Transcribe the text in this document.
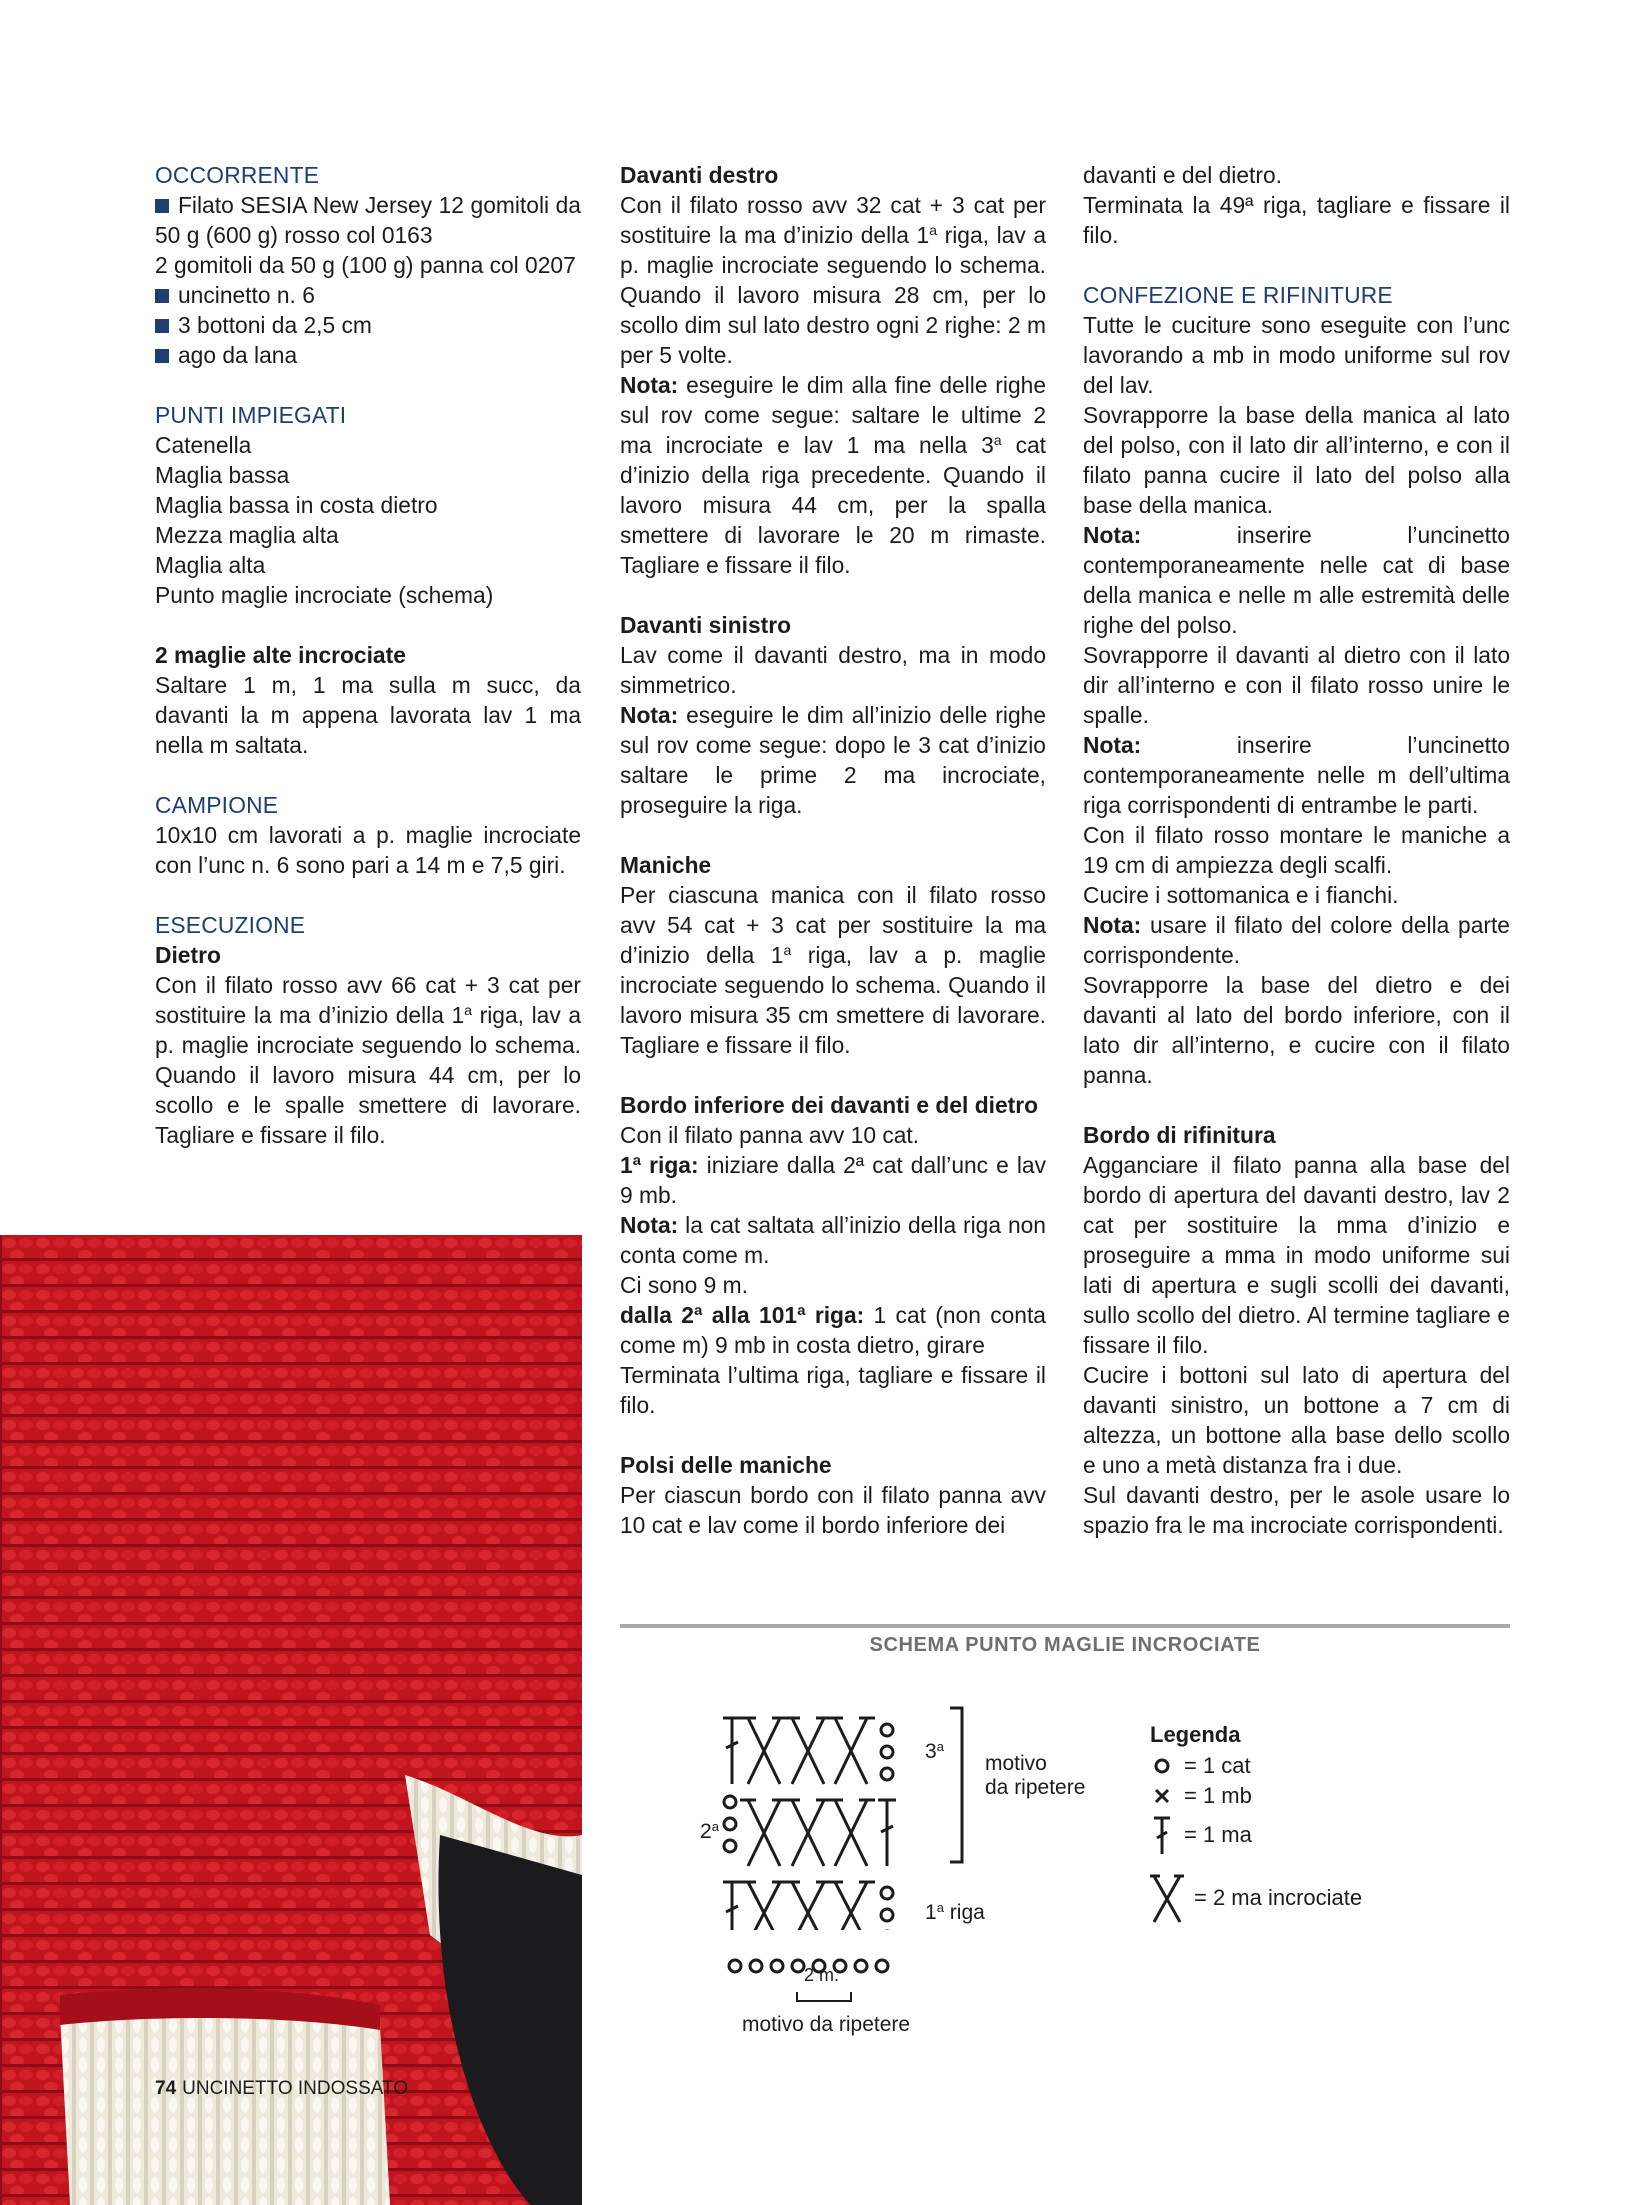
OCCORRENTE

Filato SESIA New Jersey 12 gomitoli da 50 g (600 g) rosso col 0163

2 gomitoli da 50 g (100 g) panna col 0207

uncinetto n. 6

3 bottoni da 2,5 cm

ago da lana

PUNTI IMPIEGATI

Catenella

Maglia bassa

Maglia bassa in costa dietro

Mezza maglia alta

Maglia alta

Punto maglie incrociate (schema)

2 maglie alte incrociate

Saltare 1 m, 1 ma sulla m succ, da davanti la m appena lavorata lav 1 ma nella m saltata.

CAMPIONE

10x10 cm lavorati a p. maglie incrociate con l’unc n. 6 sono pari a 14 m e 7,5 giri.

ESECUZIONE

Dietro

Con il filato rosso avv 66 cat + 3 cat per sostituire la ma d’inizio della 1$^a$ riga, lav a p. maglie incrociate seguendo lo schema. Quando il lavoro misura 44 cm, per lo scollo e le spalle smettere di lavorare. Tagliare e fissare il filo.

Davanti destro

Con il filato rosso avv 32 cat + 3 cat per sostituire la ma d’inizio della 1$^a$ riga, lav a p. maglie incrociate seguendo lo schema. Quando il lavoro misura 28 cm, per lo scollo dim sul lato destro ogni 2 righe: 2 m per 5 volte.

Nota: eseguire le dim alla fine delle righe sul rov come segue: saltare le ultime 2 ma incrociate e lav 1 ma nella 3$^a$ cat d’inizio della riga precedente. Quando il lavoro misura 44 cm, per la spalla smettere di lavorare le 20 m rimaste. Tagliare e fissare il filo.

Davanti sinistro

Lav come il davanti destro, ma in modo simmetrico.

Nota: eseguire le dim all’inizio delle righe sul rov come segue: dopo le 3 cat d’inizio saltare le prime 2 ma incrociate, proseguire la riga.

Maniche

Per ciascuna manica con il filato rosso avv 54 cat + 3 cat per sostituire la ma d’inizio della 1$^a$ riga, lav a p. maglie incrociate seguendo lo schema. Quando il lavoro misura 35 cm smettere di lavorare. Tagliare e fissare il filo.

Bordo inferiore dei davanti e del dietro

Con il filato panna avv 10 cat.

1ª riga: iniziare dalla 2ª cat dall’unc e lav 9 mb.

Nota: la cat saltata all’inizio della riga non conta come m.

Ci sono 9 m.

dalla 2ª alla 101ª riga: 1 cat (non conta come m) 9 mb in costa dietro, girare

Terminata l’ultima riga, tagliare e fissare il filo.

Polsi delle maniche

Per ciascun bordo con il filato panna avv 10 cat e lav come il bordo inferiore dei

davanti e del dietro.

Terminata la 49ª riga, tagliare e fissare il filo.

CONFEZIONE E RIFINITURE

Tutte le cuciture sono eseguite con l’unc lavorando a mb in modo uniforme sul rov del lav.

Sovrapporre la base della manica al lato del polso, con il lato dir all’interno, e con il filato panna cucire il lato del polso alla base della manica.

Nota: inserire l’uncinetto contemporaneamente nelle cat di base della manica e nelle m alle estremità delle righe del polso.

Sovrapporre il davanti al dietro con il lato dir all’interno e con il filato rosso unire le spalle.

Nota: inserire l’uncinetto contemporaneamente nelle m dell’ultima riga corrispondenti di entrambe le parti.

Con il filato rosso montare le maniche a 19 cm di ampiezza degli scalfi.

Cucire i sottomanica e i fianchi.

Nota: usare il filato del colore della parte corrispondente.

Sovrapporre la base del dietro e dei davanti al lato del bordo inferiore, con il lato dir all’interno, e cucire con il filato panna.

Bordo di rifinitura

Agganciare il filato panna alla base del bordo di apertura del davanti destro, lav 2 cat per sostituire la mma d’inizio e proseguire a mma in modo uniforme sui lati di apertura e sugli scolli dei davanti, sullo scollo del dietro. Al termine tagliare e fissare il filo.

Cucire i bottoni sul lato di apertura del davanti sinistro, un bottone a 7 cm di altezza, un bottone alla base dello scollo e uno a metà distanza fra i due.

Sul davanti destro, per le asole usare lo spazio fra le ma incrociate corrispondenti.

74 UNCINETTO INDOSSATO
SCHEMA PUNTO MAGLIE INCROCIATE
3$^a$
2$^a$
1$^a$ riga
motivo
da ripetere
2 m.
motivo da ripetere
Legenda
= 1 cat
= 1 mb
= 1 ma
= 2 ma incrociate
